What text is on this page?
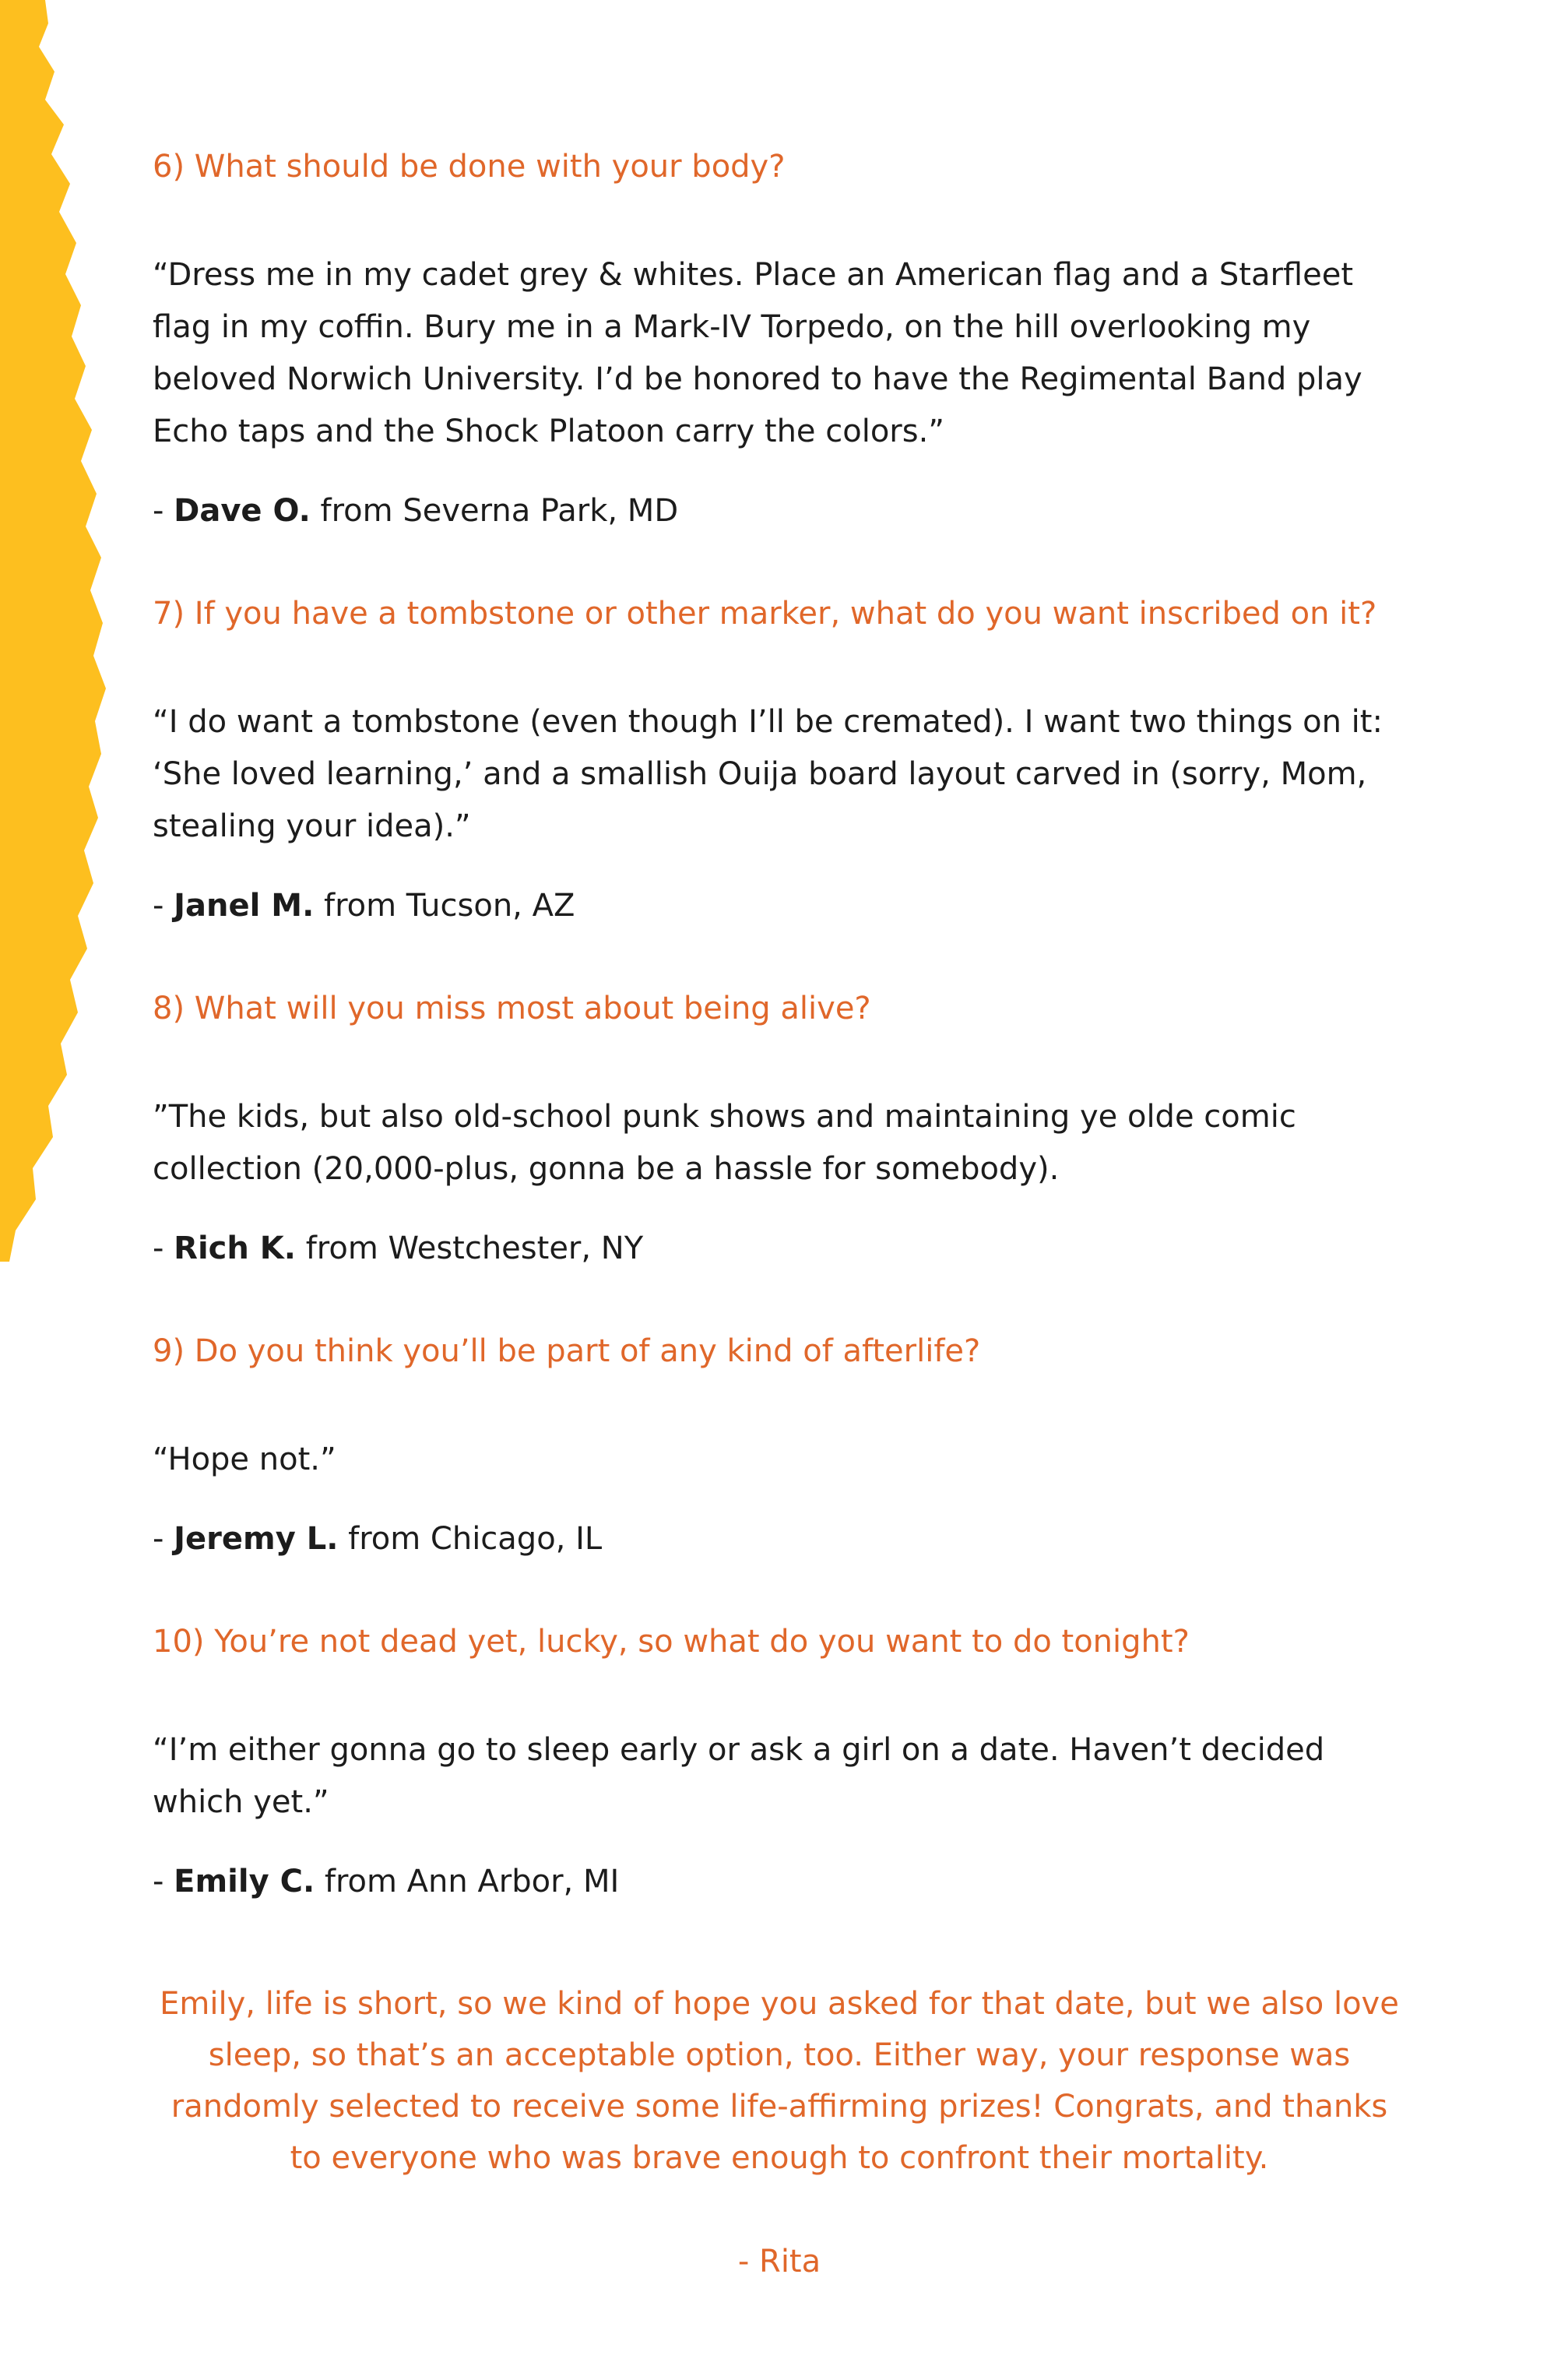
6) What should be done with your body?

“Dress me in my cadet grey & whites. Place an American flag and a Starfleet flag in my coffin. Bury me in a Mark-IV Torpedo, on the hill overlooking my beloved Norwich University. I’d be honored to have the Regimental Band play Echo taps and the Shock Platoon carry the colors.”

- Dave O. from Severna Park, MD

7) If you have a tombstone or other marker, what do you want inscribed on it?

“I do want a tombstone (even though I’ll be cremated). I want two things on it: ‘She loved learning,’ and a smallish Ouija board layout carved in (sorry, Mom, stealing your idea).”

- Janel M. from Tucson, AZ

8) What will you miss most about being alive?

”The kids, but also old-school punk shows and maintaining ye olde comic collection (20,000-plus, gonna be a hassle for somebody).

- Rich K. from Westchester, NY

9) Do you think you’ll be part of any kind of afterlife?

“Hope not.”

- Jeremy L. from Chicago, IL

10) You’re not dead yet, lucky, so what do you want to do tonight?

“I’m either gonna go to sleep early or ask a girl on a date. Haven’t decided which yet.”

- Emily C. from Ann Arbor, MI

Emily, life is short, so we kind of hope you asked for that date, but we also love sleep, so that’s an acceptable option, too. Either way, your response was randomly selected to receive some life-affirming prizes! Congrats, and thanks to everyone who was brave enough to confront their mortality.

- Rita
